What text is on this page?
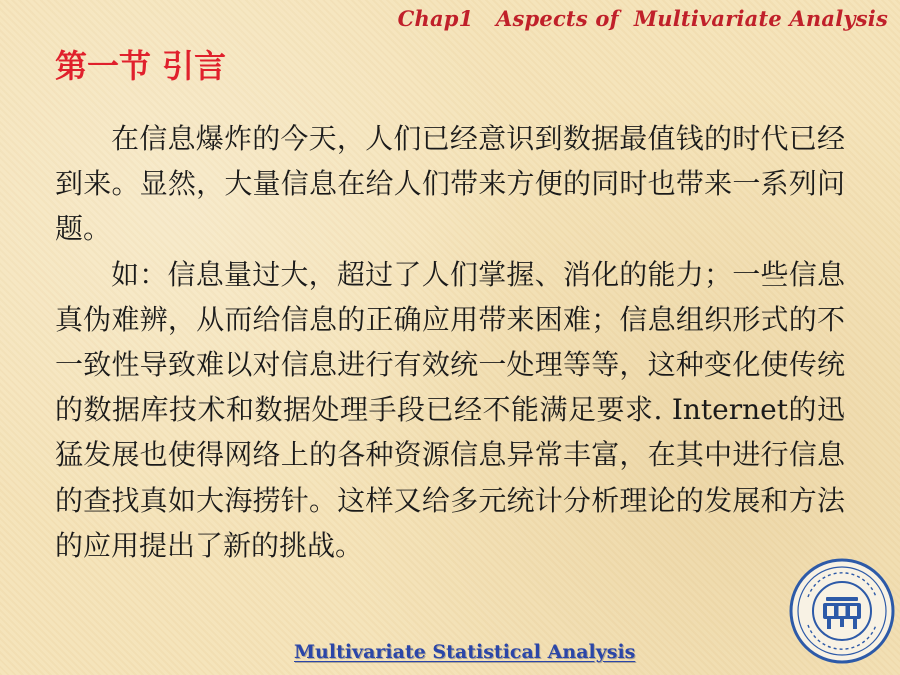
Chap1   Aspects of  Multivariate Analysis
第一节 引言

在信息爆炸的今天，人们已经意识到数据最值钱的时代已经到来。显然，大量信息在给人们带来方便的同时也带来一系列问题。

如：信息量过大，超过了人们掌握、消化的能力；一些信息真伪难辨，从而给信息的正确应用带来困难；信息组织形式的不一致性导致难以对信息进行有效统一处理等等，这种变化使传统的数据库技术和数据处理手段已经不能满足要求. Internet的迅猛发展也使得网络上的各种资源信息异常丰富，在其中进行信息的查找真如大海捞针。这样又给多元统计分析理论的发展和方法的应用提出了新的挑战。

Multivariate Statistical Analysis
